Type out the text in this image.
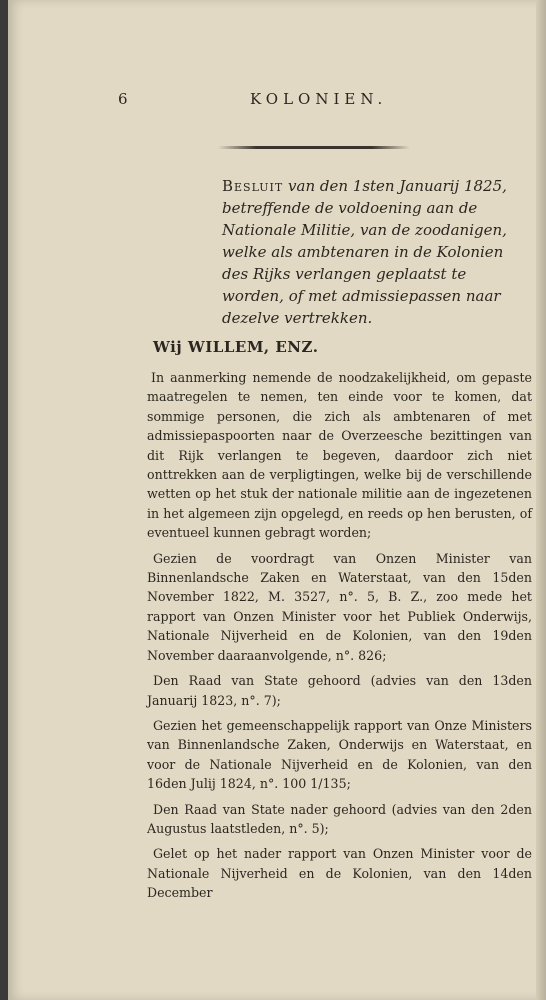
6	KOLONIEN.

Besluit van den 1sten Januarij 1825, betreffende de voldoening aan de Nationale Militie, van de zoodanigen, welke als ambtenaren in de Kolonien des Rijks verlangen geplaatst te worden, of met admissiepassen naar dezelve vertrekken.

Wij WILLEM, ENZ.

In aanmerking nemende de noodzakelijkheid, om gepaste maatregelen te nemen, ten einde voor te komen, dat sommige personen, die zich als ambtenaren of met admissiepaspoorten naar de Overzeesche bezittingen van dit Rijk verlangen te begeven, daardoor zich niet onttrekken aan de verpligtingen, welke bij de verschillende wetten op het stuk der nationale militie aan de ingezetenen in het algemeen zijn opgelegd, en reeds op hen berusten, of eventueel kunnen gebragt worden;

Gezien de voordragt van Onzen Minister van Binnenlandsche Zaken en Waterstaat, van den 15den November 1822, M. 3527, n°. 5, B. Z., zoo mede het rapport van Onzen Minister voor het Publiek Onderwijs, Nationale Nijverheid en de Kolonien, van den 19den November daaraanvolgende, n°. 826;

Den Raad van State gehoord (advies van den 13den Januarij 1823, n°. 7);

Gezien het gemeenschappelijk rapport van Onze Ministers van Binnenlandsche Zaken, Onderwijs en Waterstaat, en voor de Nationale Nijverheid en de Kolonien, van den 16den Julij 1824, n°. 100 1/135;

Den Raad van State nader gehoord (advies van den 2den Augustus laatstleden, n°. 5);

Gelet op het nader rapport van Onzen Minister voor de Nationale Nijverheid en de Kolonien, van den 14den December
